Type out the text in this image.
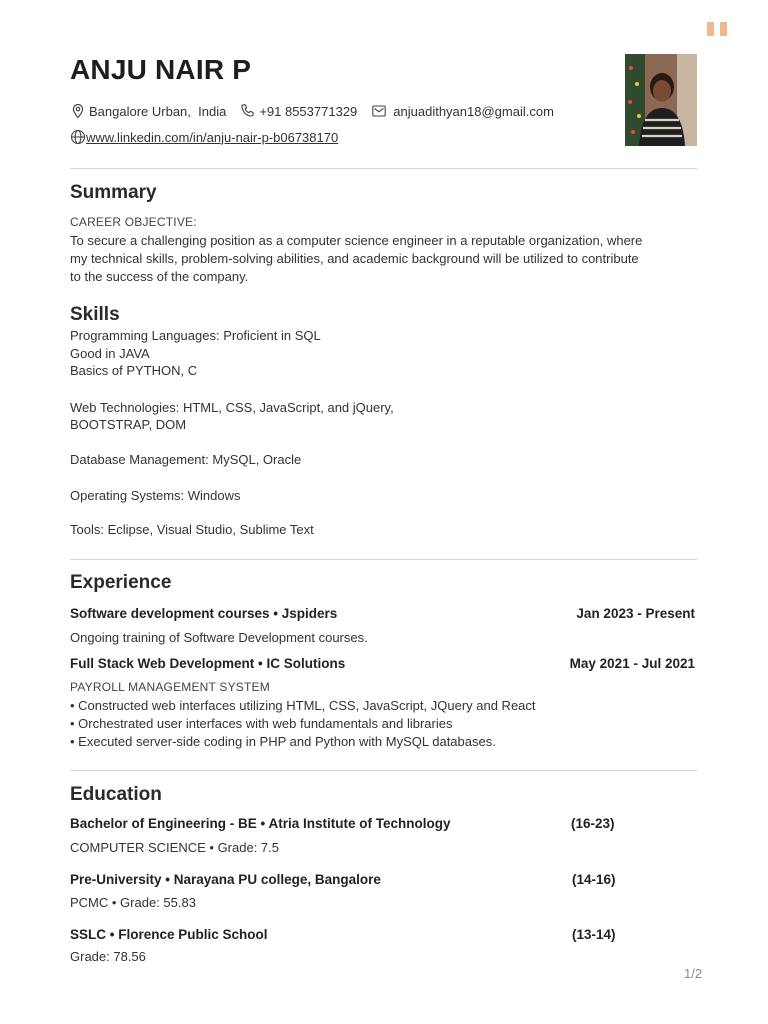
ANJU NAIR P
Bangalore Urban,  India	+91 8553771329	anjuadithyan18@gmail.com
www.linkedin.com/in/anju-nair-p-b06738170
Summary
CAREER OBJECTIVE:
To secure a challenging position as a computer science engineer in a reputable organization, where
my technical skills, problem-solving abilities, and academic background will be utilized to contribute
to the success of the company.
Skills
Programming Languages: Proficient in SQL
Good in JAVA
Basics of PYTHON, C
Web Technologies: HTML, CSS, JavaScript, and jQuery,
BOOTSTRAP, DOM
Database Management: MySQL, Oracle
Operating Systems: Windows
Tools: Eclipse, Visual Studio, Sublime Text
Experience
Software development courses • Jspiders	Jan 2023 - Present
Ongoing training of Software Development courses.
Full Stack Web Development • IC Solutions	May 2021 - Jul 2021
PAYROLL MANAGEMENT SYSTEM
• Constructed web interfaces utilizing HTML, CSS, JavaScript, JQuery and React
• Orchestrated user interfaces with web fundamentals and libraries
• Executed server-side coding in PHP and Python with MySQL databases.
Education
Bachelor of Engineering - BE • Atria Institute of Technology	(16-23)
COMPUTER SCIENCE • Grade: 7.5
Pre-University • Narayana PU college, Bangalore	(14-16)
PCMC • Grade: 55.83
SSLC • Florence Public School	(13-14)
Grade: 78.56
1/2
